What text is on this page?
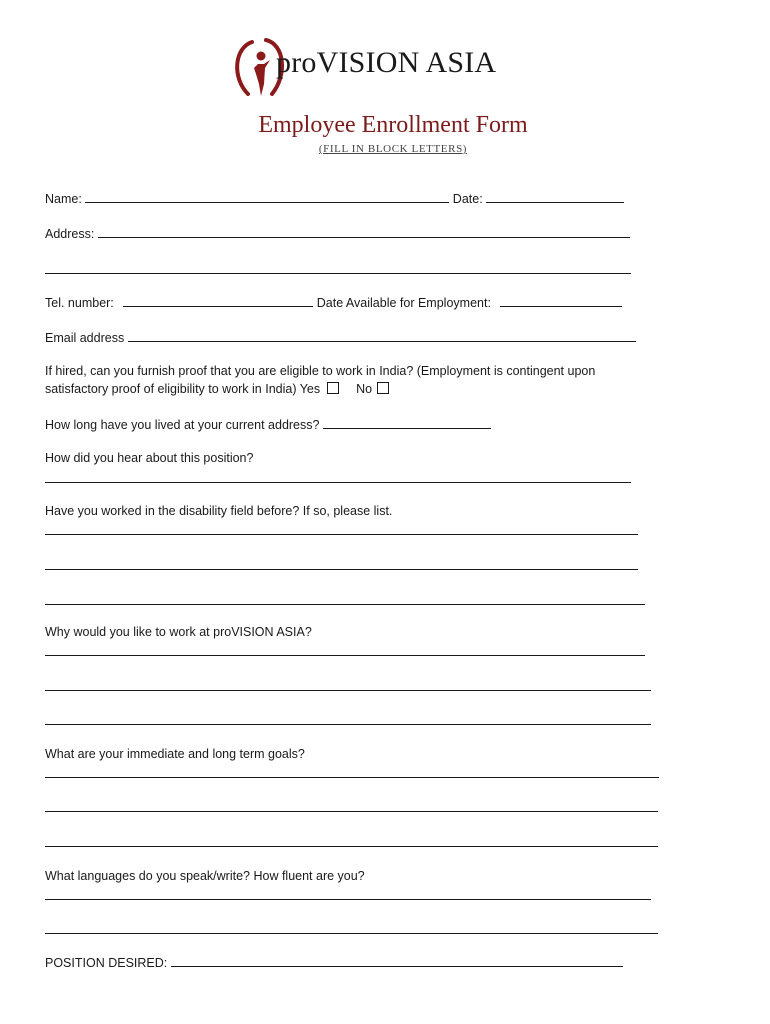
proVISION ASIA
Employee Enrollment Form
(FILL IN BLOCK LETTERS)
Name:	Date:
Address:
Tel. number:	Date Available for Employment:
Email address
If hired, can you furnish proof that you are eligible to work in India? (Employment is contingent upon
satisfactory proof of eligibility to work in India) Yes	No
How long have you lived at your current address?
How did you hear about this position?
Have you worked in the disability field before? If so, please list.
Why would you like to work at proVISION ASIA?
What are your immediate and long term goals?
What languages do you speak/write? How fluent are you?
POSITION DESIRED:
